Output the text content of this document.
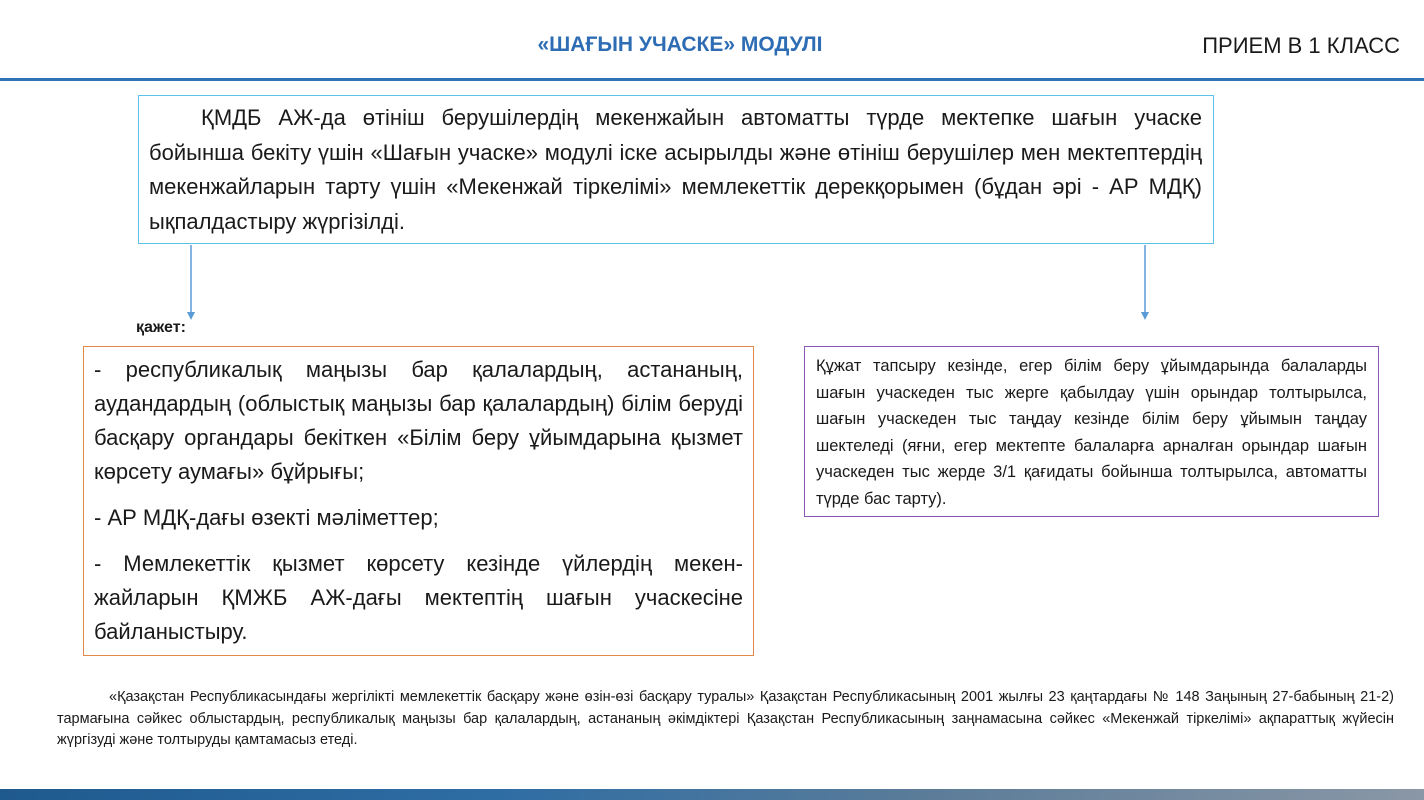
«ШАҒЫН УЧАСКЕ» МОДУЛІ	ПРИЕМ В 1 КЛАСС

ҚМДБ АЖ-да өтініш берушілердің мекенжайын автоматты түрде мектепке шағын учаске бойынша бекіту үшін «Шағын учаске» модулі іске асырылды және өтініш берушілер мен мектептердің мекенжайларын тарту үшін «Мекенжай тіркелімі» мемлекеттік дерекқорымен (бұдан әрі - АР МДҚ) ықпалдастыру жүргізілді.

қажет:

- республикалық маңызы бар қалалардың, астананың, аудандардың (облыстық маңызы бар қалалардың) білім беруді басқару органдары бекіткен «Білім беру ұйымдарына қызмет көрсету аумағы» бұйрығы;

- АР МДҚ-дағы өзекті мәліметтер;

- Мемлекеттік қызмет көрсету кезінде үйлердің мекен-жайларын ҚМЖБ АЖ-дағы мектептің шағын учаскесіне байланыстыру.

Құжат тапсыру кезінде, егер білім беру ұйымдарында балаларды шағын учаскеден тыс жерге қабылдау үшін орындар толтырылса, шағын учаскеден тыс таңдау кезінде білім беру ұйымын таңдау шектеледі (яғни, егер мектепте балаларға арналған орындар шағын учаскеден тыс жерде 3/1 қағидаты бойынша толтырылса, автоматты түрде бас тарту).

«Қазақстан Республикасындағы жергілікті мемлекеттік басқару және өзін-өзі басқару туралы» Қазақстан Республикасының 2001 жылғы 23 қаңтардағы № 148 Заңының 27-бабының 21-2) тармағына сәйкес облыстардың, республикалық маңызы бар қалалардың, астананың әкімдіктері Қазақстан Республикасының заңнамасына сәйкес «Мекенжай тіркелімі» ақпараттық жүйесін жүргізуді және толтыруды қамтамасыз етеді.
